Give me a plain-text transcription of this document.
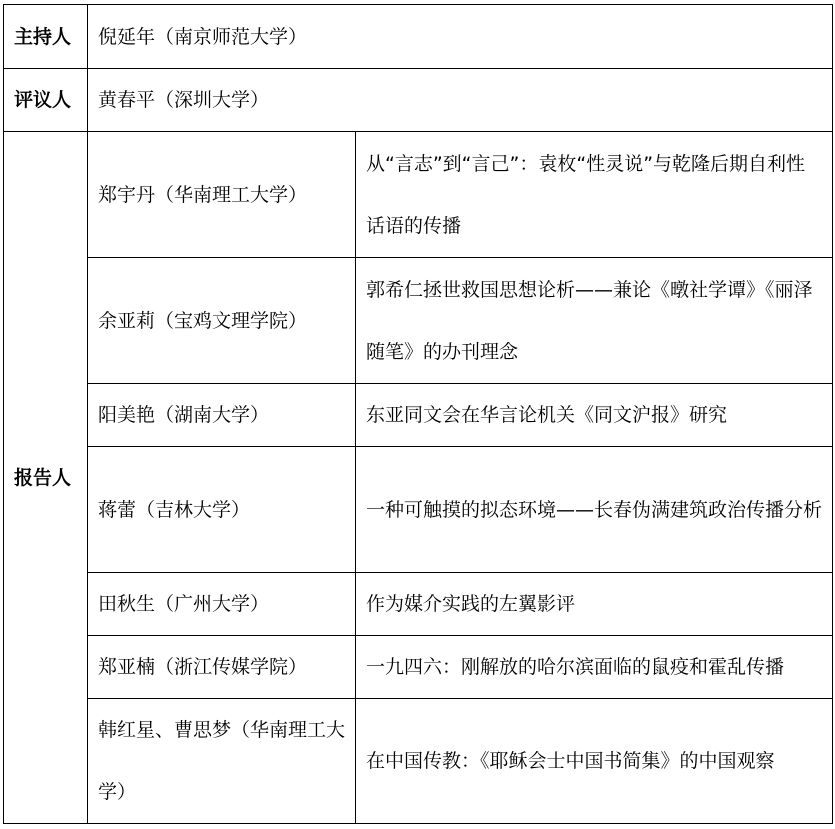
主持人	倪延年（南京师范大学）	
评议人	黄春平（深圳大学）	
报告人	郑宇丹（华南理工大学）	从“言志”到“言己”：袁枚“性灵说”与乾隆后期自利性话语的传播
	余亚莉（宝鸡文理学院）	郭希仁拯世救国思想论析——兼论《暾社学谭》《丽泽随笔》的办刊理念
	阳美艳（湖南大学）	东亚同文会在华言论机关《同文沪报》研究
	蒋蕾（吉林大学）	一种可触摸的拟态环境——长春伪满建筑政治传播分析
	田秋生（广州大学）	作为媒介实践的左翼影评
	郑亚楠（浙江传媒学院）	一九四六：刚解放的哈尔滨面临的鼠疫和霍乱传播
	韩红星、曹思梦（华南理工大学）	在中国传教：《耶稣会士中国书简集》的中国观察
